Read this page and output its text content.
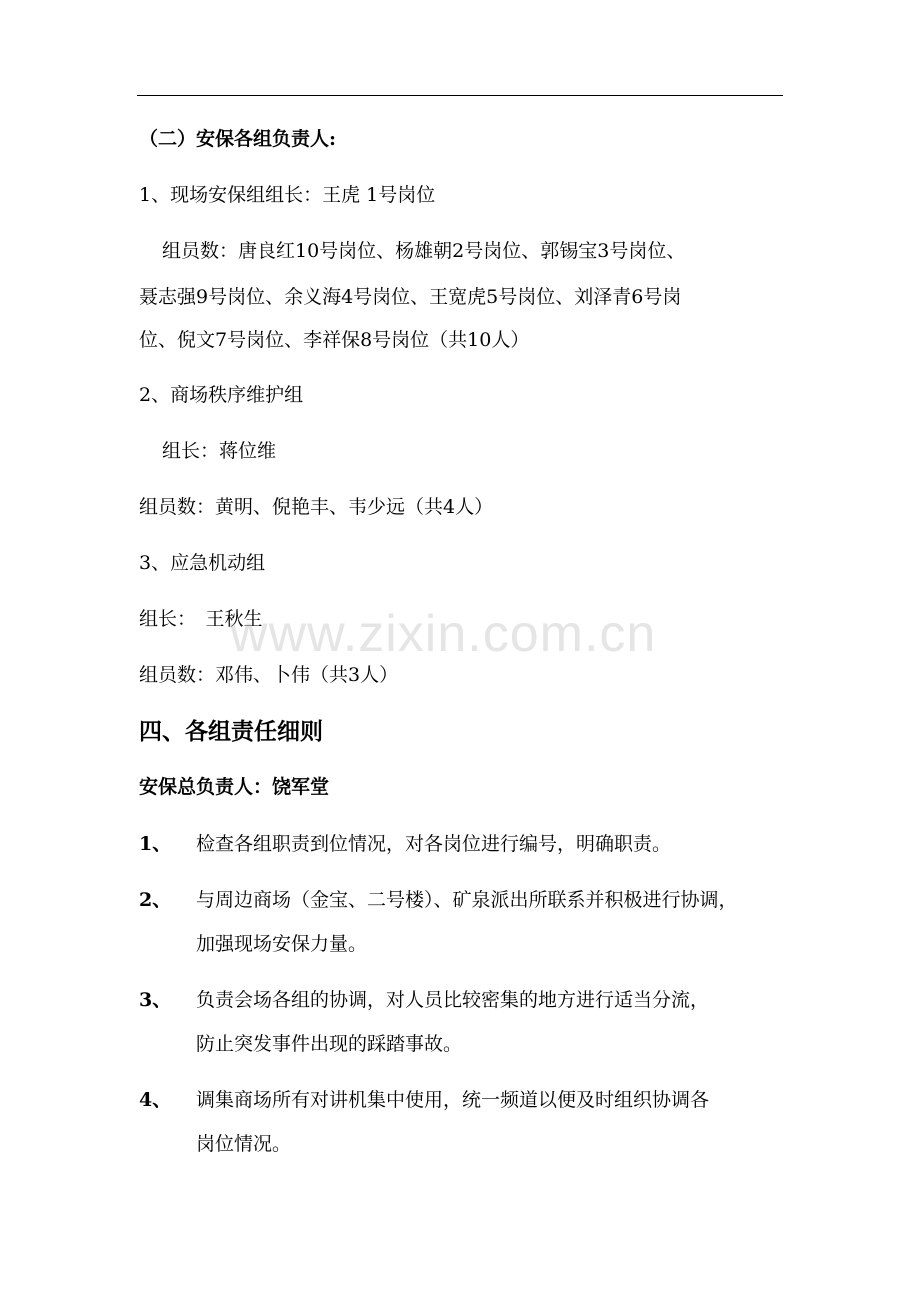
（二）安保各组负责人:
1、现场安保组组长：王虎 1号岗位
组员数：唐良红10号岗位、杨雄朝2号岗位、郭锡宝3号岗位、
聂志强9号岗位、余义海4号岗位、王宽虎5号岗位、刘泽青6号岗
位、倪文7号岗位、李祥保8号岗位（共10人）
2、商场秩序维护组
组长：蒋位维
组员数：黄明、倪艳丰、韦少远（共4人）
3、应急机动组
组长：　王秋生
组员数：邓伟、卜伟（共3人）
四、各组责任细则
安保总负责人：饶军堂
1、 检查各组职责到位情况，对各岗位进行编号，明确职责。
2、 与周边商场（金宝、二号楼）、矿泉派出所联系并积极进行协调，
加强现场安保力量。
3、 负责会场各组的协调，对人员比较密集的地方进行适当分流，
防止突发事件出现的踩踏事故。
4、 调集商场所有对讲机集中使用，统一频道以便及时组织协调各
岗位情况。
www.zixin.com.cn
